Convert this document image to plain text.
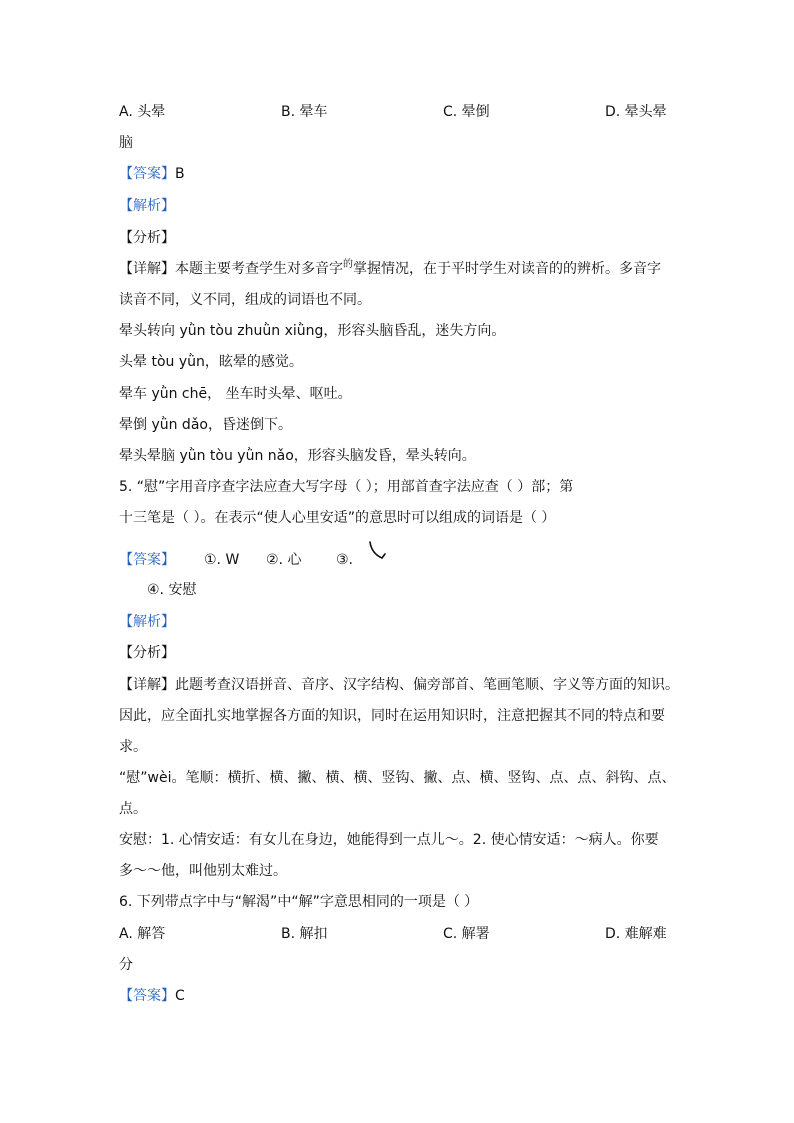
A. 头晕	B. 晕车	C. 晕倒	D. 晕头晕
脑
【答案】B
【解析】
【分析】
【详解】本题主要考查学生对多音字$^的$掌握情况，在于平时学生对读音的的辨析。多音字
读音不同，义不同，组成的词语也不同。
晕头转向 yǜn tòu zhuǜn xiǜng，形容头脑昏乱，迷失方向。
头晕 tòu yǜn，眩晕的感觉。
晕车 yǜn chē， 坐车时头晕、呕吐。
晕倒 yǜn dǎo，昏迷倒下。
晕头晕脑 yǜn tòu yǜn nǎo，形容头脑发昏，晕头转向。
5. “慰”字用音序查字法应查大写字母（ ）；用部首查字法应查（ ）部；第
十三笔是（ ）。在表示“使人心里安适”的意思时可以组成的词语是（ ）
【答案】 ①. W ②. 心 ③.
④. 安慰
【解析】
【分析】
【详解】此题考查汉语拼音、音序、汉字结构、偏旁部首、笔画笔顺、字义等方面的知识。
因此，应全面扎实地掌握各方面的知识，同时在运用知识时，注意把握其不同的特点和要
求。
“慰”wèi。笔顺：横折、横、撇、横、横、竖钩、撇、点、横、竖钩、点、点、斜钩、点、
点。
安慰：1. 心情安适：有女儿在身边，她能得到一点儿～。2. 使心情安适：～病人。你要
多～～他，叫他别太难过。
6. 下列带点字中与“解渴”中“解”字意思相同的一项是（ ）
A. 解答	B. 解扣	C. 解署	D. 难解难
分
【答案】C
